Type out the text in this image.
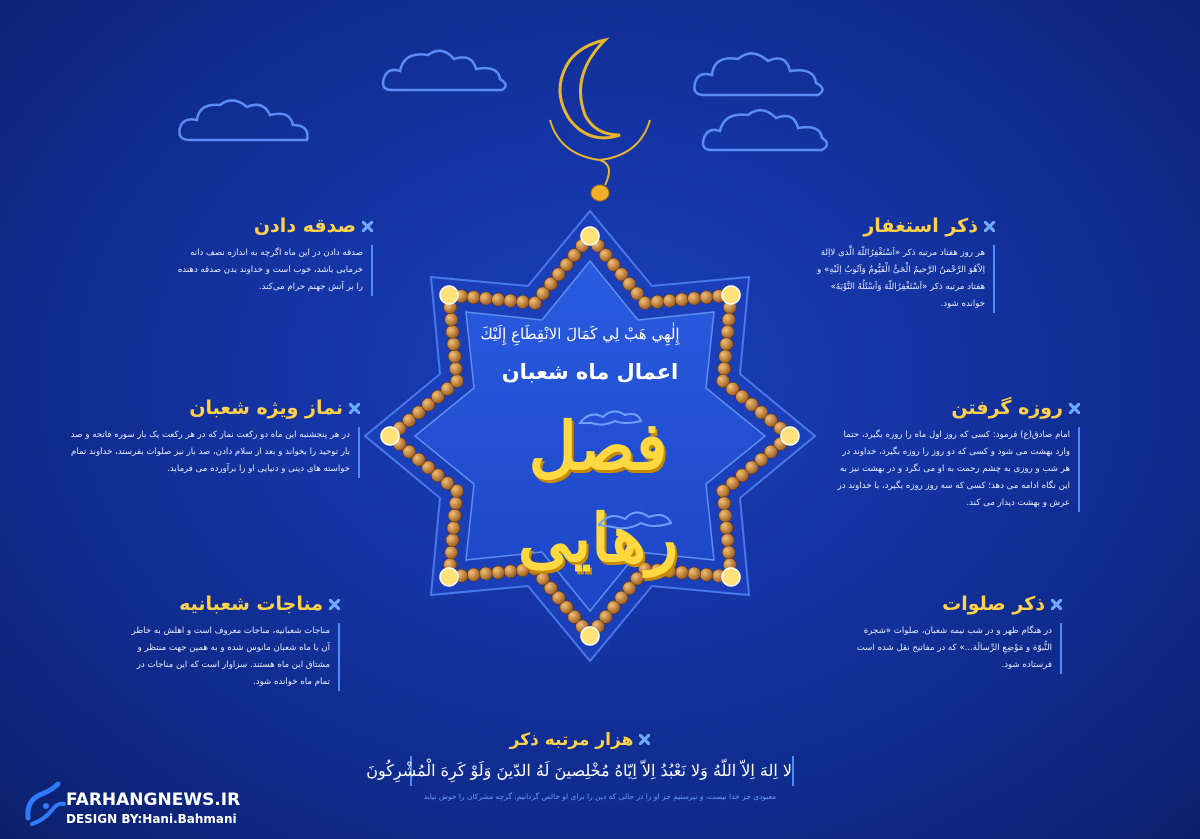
إِلٰهِي هَبْ لِي كَمَالَ الانْقِطَاعِ إِلَيْكَ
اعمال ماه شعبان
فصل رهایی
صدقه دادن
صدقه دادن در این ماه اگرچه به اندازه نصف دانه خرمایی باشد، خوب است و خداوند بدن صدقه دهنده را بر آتش جهنم حرام می‌کند.
نماز ویژه شعبان
در هر پنجشنبه این ماه دو رکعت نماز که در هر رکعت یک بار سوره فاتحه و صد بار توحید را بخواند و بعد از سلام دادن، صد بار نیز صلوات بفرستد، خداوند تمام خواسته های دینی و دنیایی او را برآورده می فرماید.
مناجات شعبانیه
مناجات شعبانیه، مناجات معروف است و اهلش به خاطر آن با ماه شعبان مانوس شده و به همین جهت منتظر و مشتاق این ماه هستند. سزاوار است که این مناجات در تمام ماه خوانده شود.
ذکر استغفار
هر روز هفتاد مرتبه ذکر «اَسْتَغْفِرُاللّهَ الَّذى لااِلهَ اِلاّهُوَ الرَّحْمنُ الرَّحیمُ الْحَیُّ الْقَیُّومُ وَاَتُوبُ اِلَیْهِ» و هفتاد مرتبه ذکر «اَسْتَغْفِرُاللّهَ وَاَسْئَلُهُ التَّوْبَةَ» خوانده شود.
روزه گرفتن
امام صادق(ع) فرمود: کسی که روز اول ماه را روزه بگیرد، حتما وارد بهشت می شود و کسی که دو روز را روزه بگیرد، خداوند در هر شب و روزی به چشم رحمت به او می نگرد و در بهشت نیز به این نگاه ادامه می دهد؛ کسی که سه روز روزه بگیرد، با خداوند در عرش و بهشت دیدار می کند.
ذکر صلوات
در هنگام ظهر و در شب نیمه شعبان، صلوات «شجرة النُّبوّة و مَوْضِعِ الرِّسالَة...» که در مفاتیح نقل شده است فرستاده شود.
هزار مرتبه ذکر
لا اِلهَ اِلاّ اللّهُ وَلا نَعْبُدُ اِلاّ اِیّاهُ مُخْلِصینَ لَهُ الدّینَ وَلَوْ کَرِهَ الْمُشْرِکُونَ
معبودی جز خدا نیست، و نپرستیم جز او را در حالی که دین را برای او خالص گردانیم، گرچه مشرکان را خوش نیاید
FARHANGNEWS.IR
DESIGN BY:Hani.Bahmani
